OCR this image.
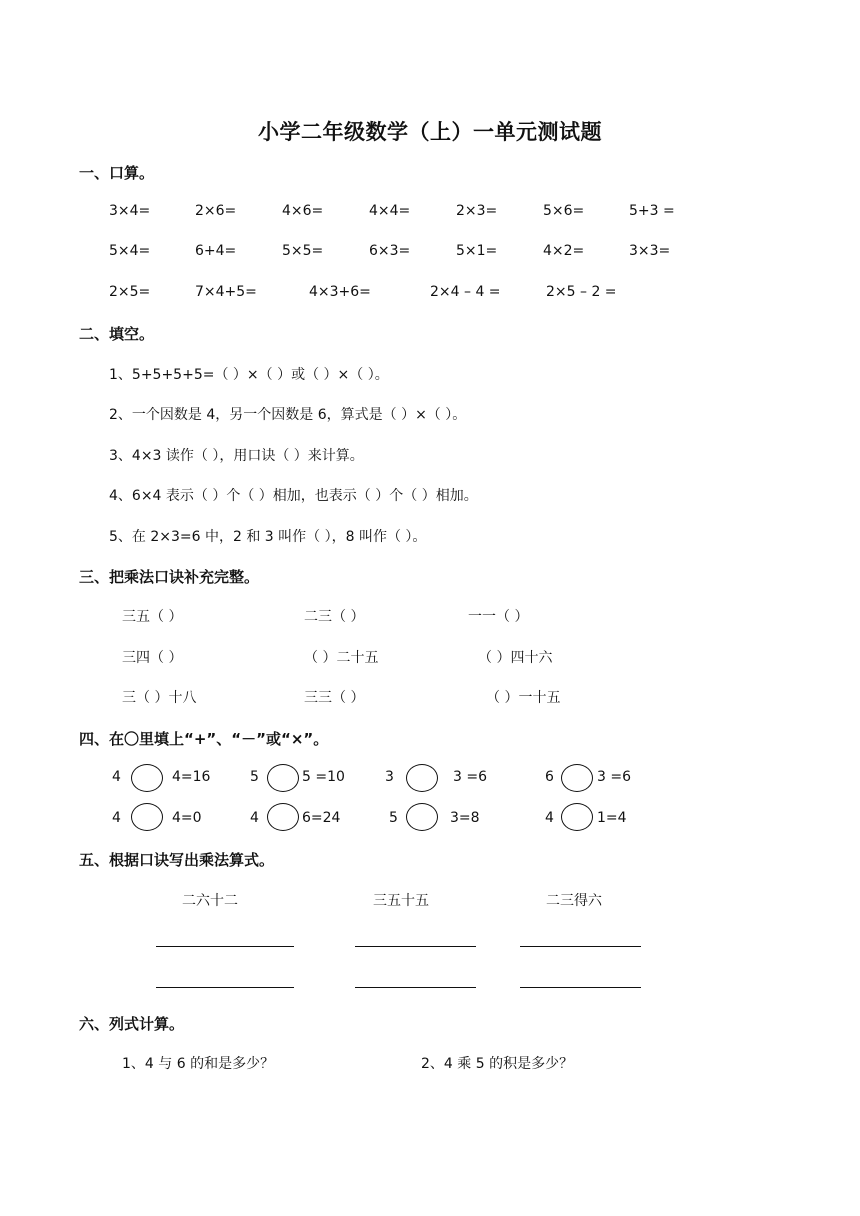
小学二年级数学（上）一单元测试题
一、口算。
3×4=	2×6=	4×6=	4×4=	2×3=	5×6=	5+3 =
5×4=	6+4=	5×5=	6×3=	5×1=	4×2=	3×3=
2×5=	7×4+5=	4×3+6=	2×4 – 4 =	2×5 – 2 =
二、填空。
1、5+5+5+5=（ ）×（ ）或（ ）×（ ）。
2、一个因数是 4，另一个因数是 6，算式是（ ）×（ ）。
3、4×3 读作（ ），用口诀（ ）来计算。
4、6×4 表示（ ）个（ ）相加，也表示（ ）个（ ）相加。
5、在 2×3=6 中，2 和 3 叫作（ ），8 叫作（ ）。
三、把乘法口诀补充完整。
三五（ ）	二三（ ）	一一（ ）
三四（ ）	（ ）二十五	（ ）四十六
三（ ）十八	三三（ ）	（ ）一十五
四、在〇里填上“+”、“－”或“×”。
4	4=16	5	5 =10	3	3 =6	6	3 =6
4	4=0	4	6=24	5	3=8	4	1=4
五、根据口诀写出乘法算式。
二六十二	三五十五	二三得六
六、列式计算。
1、4 与 6 的和是多少？	2、4 乘 5 的积是多少？
